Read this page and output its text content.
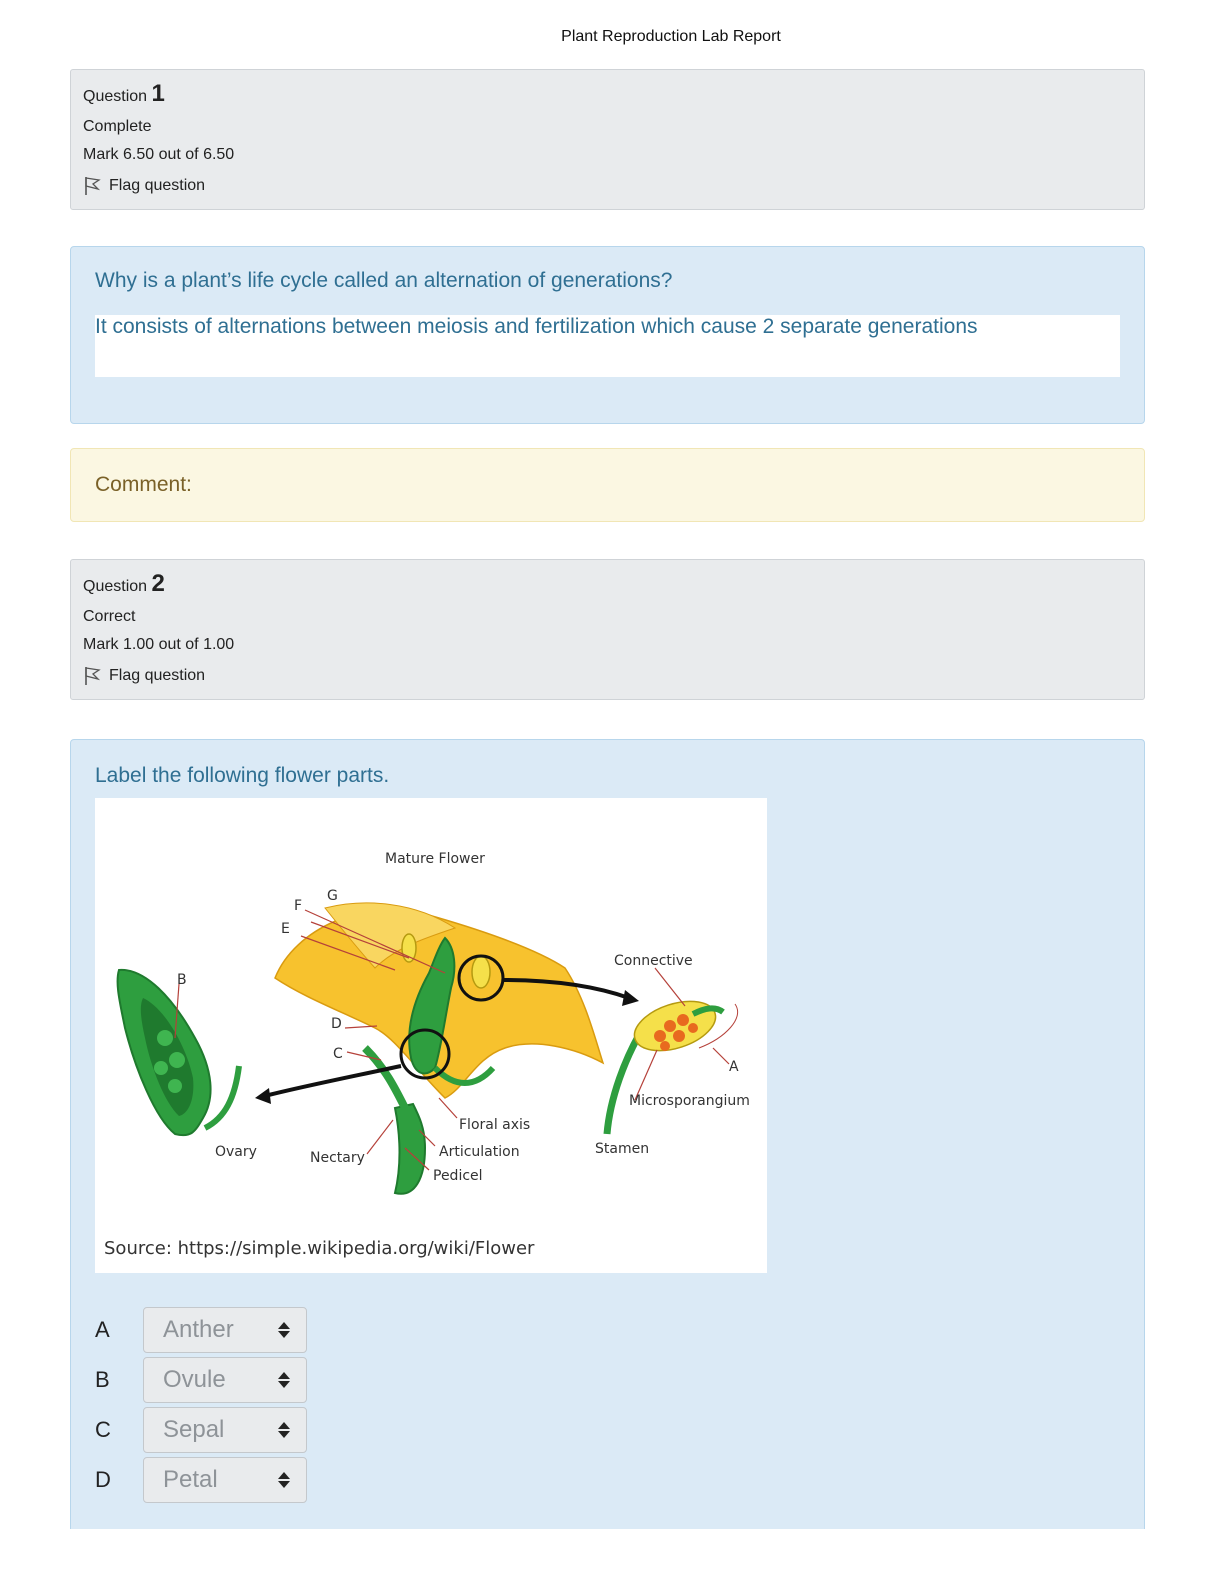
Plant Reproduction Lab Report
Question 1
Complete
Mark 6.50 out of 6.50
Flag question
Why is a plant’s life cycle called an alternation of generations?
It consists of alternations between meiosis and fertilization which cause 2 separate generations
Comment:
Question 2
Correct
Mark 1.00 out of 1.00
Flag question
Label the following flower parts.
Mature Flower
G
F
E
B
D
C
Connective
A
Microsporangium
Stamen
Ovary	Nectary
Floral axis
Articulation
Pedicel
Source: https://simple.wikipedia.org/wiki/Flower
A	Anther
B	Ovule
C	Sepal
D	Petal
